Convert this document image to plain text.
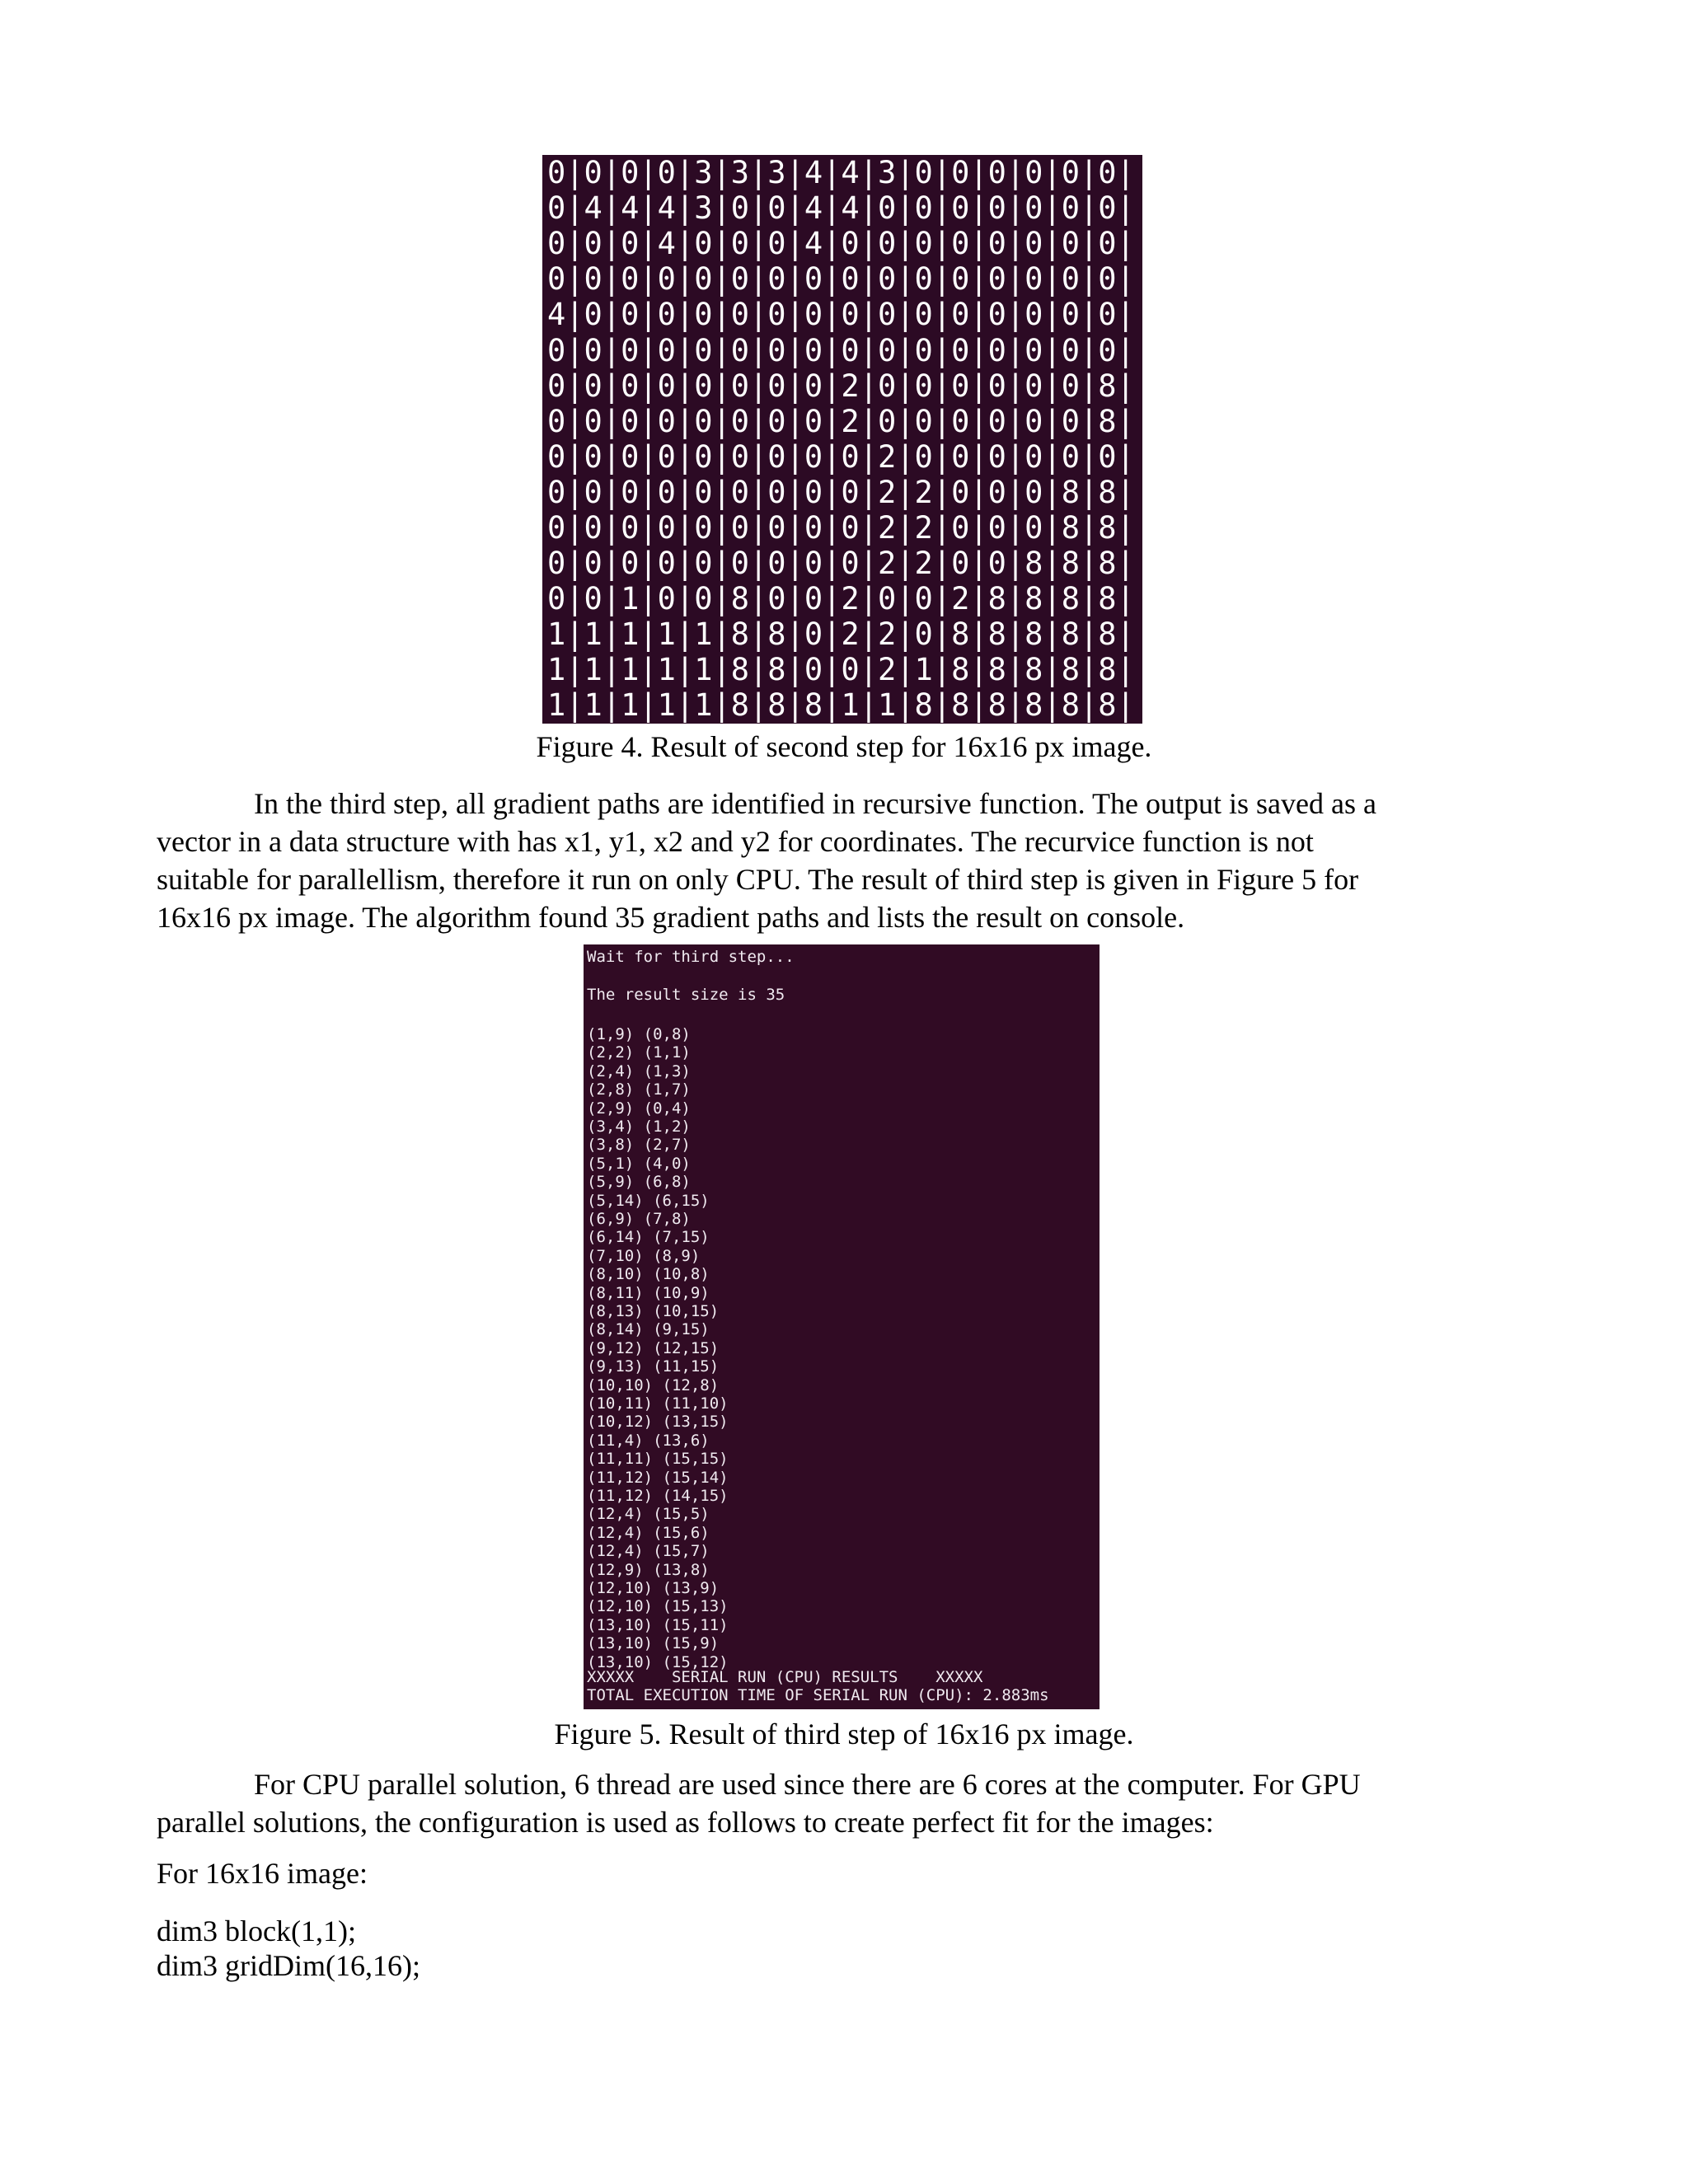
0|0|0|0|3|3|3|4|4|3|0|0|0|0|0|0|
0|4|4|4|3|0|0|4|4|0|0|0|0|0|0|0|
0|0|0|4|0|0|0|4|0|0|0|0|0|0|0|0|
0|0|0|0|0|0|0|0|0|0|0|0|0|0|0|0|
4|0|0|0|0|0|0|0|0|0|0|0|0|0|0|0|
0|0|0|0|0|0|0|0|0|0|0|0|0|0|0|0|
0|0|0|0|0|0|0|0|2|0|0|0|0|0|0|8|
0|0|0|0|0|0|0|0|2|0|0|0|0|0|0|8|
0|0|0|0|0|0|0|0|0|2|0|0|0|0|0|0|
0|0|0|0|0|0|0|0|0|2|2|0|0|0|8|8|
0|0|0|0|0|0|0|0|0|2|2|0|0|0|8|8|
0|0|0|0|0|0|0|0|0|2|2|0|0|8|8|8|
0|0|1|0|0|8|0|0|2|0|0|2|8|8|8|8|
1|1|1|1|1|8|8|0|2|2|0|8|8|8|8|8|
1|1|1|1|1|8|8|0|0|2|1|8|8|8|8|8|
1|1|1|1|1|8|8|8|1|1|8|8|8|8|8|8|
Figure 4. Result of second step for 16x16 px image.
In the third step, all gradient paths are identified in recursive function. The output is saved as a
vector in a data structure with has x1, y1, x2 and y2 for coordinates. The recurvice function is not
suitable for parallellism, therefore it run on only CPU. The result of third step is given in Figure 5 for
16x16 px image. The algorithm found 35 gradient paths and lists the result on console.
Wait for third step...
The result size is 35
(1,9) (0,8)
(2,2) (1,1)
(2,4) (1,3)
(2,8) (1,7)
(2,9) (0,4)
(3,4) (1,2)
(3,8) (2,7)
(5,1) (4,0)
(5,9) (6,8)
(5,14) (6,15)
(6,9) (7,8)
(6,14) (7,15)
(7,10) (8,9)
(8,10) (10,8)
(8,11) (10,9)
(8,13) (10,15)
(8,14) (9,15)
(9,12) (12,15)
(9,13) (11,15)
(10,10) (12,8)
(10,11) (11,10)
(10,12) (13,15)
(11,4) (13,6)
(11,11) (15,15)
(11,12) (15,14)
(11,12) (14,15)
(12,4) (15,5)
(12,4) (15,6)
(12,4) (15,7)
(12,9) (13,8)
(12,10) (13,9)
(12,10) (15,13)
(13,10) (15,11)
(13,10) (15,9)
(13,10) (15,12)
XXXXX    SERIAL RUN (CPU) RESULTS    XXXXX
TOTAL EXECUTION TIME OF SERIAL RUN (CPU): 2.883ms
Figure 5. Result of third step of 16x16 px image.
For CPU parallel solution, 6 thread are used since there are 6 cores at the computer. For GPU
parallel solutions, the configuration is used as follows to create perfect fit for the images:
For 16x16 image:
dim3 block(1,1);
dim3 gridDim(16,16);
